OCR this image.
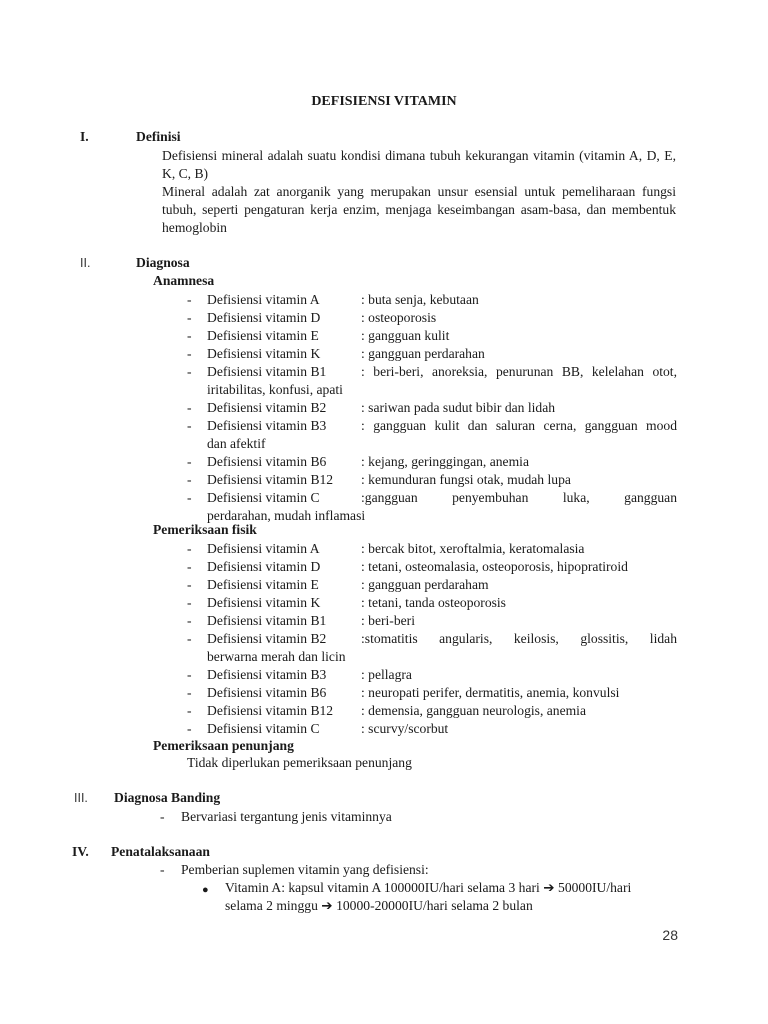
DEFISIENSI VITAMIN
I.	Definisi
Defisiensi mineral adalah suatu kondisi dimana tubuh kekurangan vitamin (vitamin A, D, E, K, C, B)
Mineral adalah zat anorganik yang merupakan unsur esensial untuk pemeliharaan fungsi tubuh, seperti pengaturan kerja enzim, menjaga keseimbangan asam-basa, dan membentuk hemoglobin
II.	Diagnosa
Anamnesa
- Defisiensi vitamin A	: buta senja, kebutaan
- Defisiensi vitamin D	: osteoporosis
- Defisiensi vitamin E	: gangguan kulit
- Defisiensi vitamin K	: gangguan perdarahan
- Defisiensi vitamin B1	: beri-beri, anoreksia, penurunan BB, kelelahan otot,
iritabilitas, konfusi, apati
- Defisiensi vitamin B2	: sariwan pada sudut bibir dan lidah
- Defisiensi vitamin B3	: gangguan kulit dan saluran cerna, gangguan mood
dan afektif
- Defisiensi vitamin B6	: kejang, geringgingan, anemia
- Defisiensi vitamin B12 : kemunduran fungsi otak, mudah lupa
- Defisiensi vitamin C	:gangguan penyembuhan luka, gangguan
perdarahan, mudah inflamasi
Pemeriksaan fisik
- Defisiensi vitamin A	: bercak bitot, xeroftalmia, keratomalasia
- Defisiensi vitamin D	: tetani, osteomalasia, osteoporosis, hipopratiroid
- Defisiensi vitamin E	: gangguan perdaraham
- Defisiensi vitamin K	: tetani, tanda osteoporosis
- Defisiensi vitamin B1	: beri-beri
- Defisiensi vitamin B2	:stomatitis angularis, keilosis, glossitis, lidah
berwarna merah dan licin
- Defisiensi vitamin B3	: pellagra
- Defisiensi vitamin B6	: neuropati perifer, dermatitis, anemia, konvulsi
- Defisiensi vitamin B12 : demensia, gangguan neurologis, anemia
- Defisiensi vitamin C	: scurvy/scorbut
Pemeriksaan penunjang
Tidak diperlukan pemeriksaan penunjang
III. Diagnosa Banding
- Bervariasi tergantung jenis vitaminnya
IV. Penatalaksanaan
- Pemberian suplemen vitamin yang defisiensi:
● Vitamin A: kapsul vitamin A 100000IU/hari selama 3 hari ➔ 50000IU/hari
selama 2 minggu ➔ 10000-20000IU/hari selama 2 bulan
28
